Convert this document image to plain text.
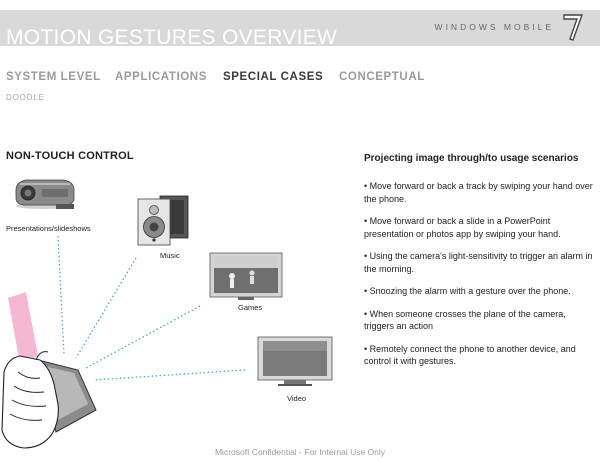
MOTION GESTURES OVERVIEW	WINDOWS MOBILE
SYSTEM LEVEL APPLICATIONS SPECIAL CASES CONCEPTUAL
DOODLE
NON-TOUCH CONTROL
Presentations/slideshows
Music
Games
Video
Projecting image through/to usage scenarios
• Move forward or back a track by swiping your hand over the phone.
• Move forward or back a slide in a PowerPoint presentation or photos app by swiping your hand.
• Using the camera's light-sensitivity to trigger an alarm in the morning.
• Snoozing the alarm with a gesture over the phone.
• When someone crosses the plane of the camera, triggers an action
• Remotely connect the phone to another device, and control it with gestures.
Microsoft Confidential - For Internal Use Only
